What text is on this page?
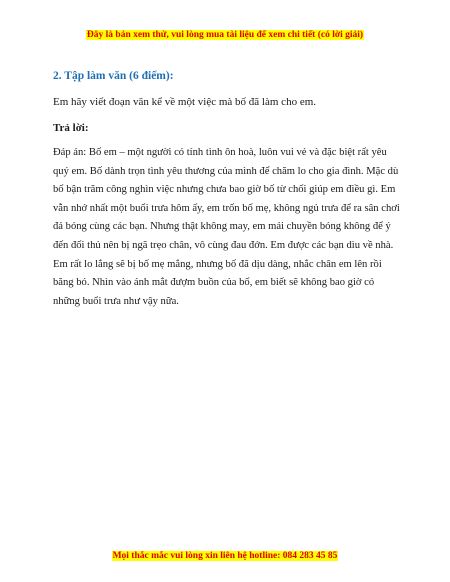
Đây là bản xem thử, vui lòng mua tài liệu để xem chi tiết (có lời giải)

2. Tập làm văn (6 điểm):

Em hãy viết đoạn văn kể về một việc mà bố đã làm cho em.

Trả lời:

Đáp án: Bố em – một người có tính tình ôn hoà, luôn vui vẻ và đặc biệt rất yêu quý em. Bố dành trọn tình yêu thương của mình để chăm lo cho gia đình. Mặc dù bố bận trăm công nghìn việc nhưng chưa bao giờ bố từ chối giúp em điều gì. Em vẫn nhớ nhất một buổi trưa hôm ấy, em trốn bố mẹ, không ngủ trưa để ra sân chơi đá bóng cùng các bạn. Nhưng thật không may, em mải chuyền bóng không để ý đến đối thủ nên bị ngã trẹo chân, vô cùng đau đớn. Em được các bạn dìu về nhà. Em rất lo lắng sẽ bị bố mẹ mắng, nhưng bố đã dịu dàng, nhắc chân em lên rồi băng bó. Nhìn vào ánh mắt đượm buồn của bố, em biết sẽ không bao giờ có những buổi trưa như vậy nữa.

Mọi thắc mắc vui lòng xin liên hệ hotline: 084 283 45 85
